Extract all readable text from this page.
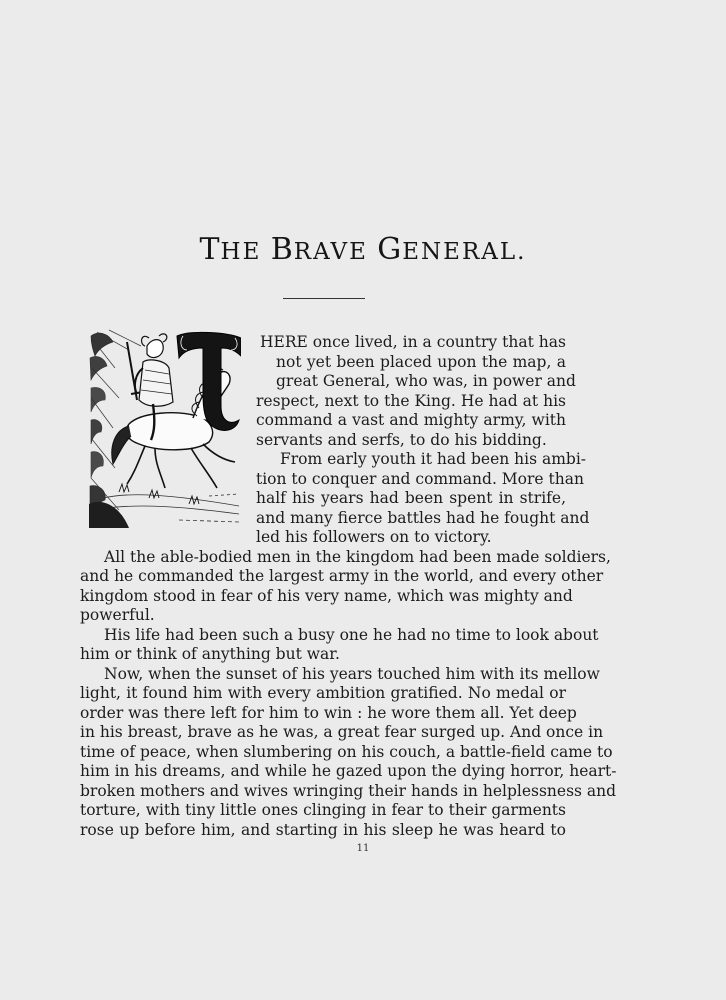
THE BRAVE GENERAL.
HERE once lived, in a country that has
not yet been placed upon the map, a
great General, who was, in power and
respect, next to the King. He had at his
command a vast and mighty army, with
servants and serfs, to do his bidding.
From early youth it had been his ambi-
tion to conquer and command. More than
half his years had been spent in strife,
and many fierce battles had he fought and
led his followers on to victory.
All the able-bodied men in the kingdom had been made soldiers,
and he commanded the largest army in the world, and every other
kingdom stood in fear of his very name, which was mighty and
powerful.
His life had been such a busy one he had no time to look about
him or think of anything but war.
Now, when the sunset of his years touched him with its mellow
light, it found him with every ambition gratified. No medal or
order was there left for him to win : he wore them all. Yet deep
in his breast, brave as he was, a great fear surged up. And once in
time of peace, when slumbering on his couch, a battle-field came to
him in his dreams, and while he gazed upon the dying horror, heart-
broken mothers and wives wringing their hands in helplessness and
torture, with tiny little ones clinging in fear to their garments
rose up before him, and starting in his sleep he was heard to
11
